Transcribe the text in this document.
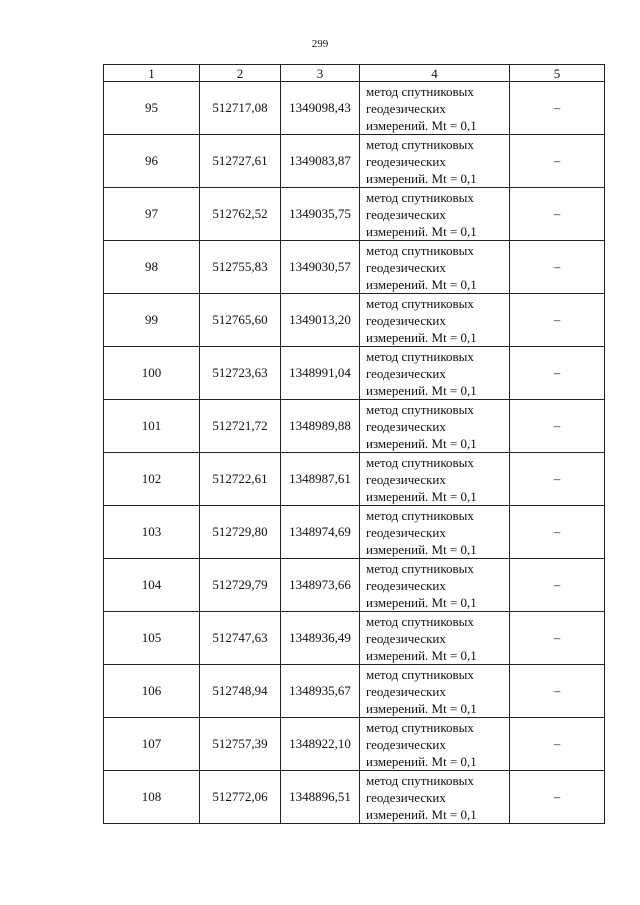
299
1	2	3	4	5
95	512717,08	1349098,43	метод спутниковых
геодезических
измерений. Mt = 0,1	–
96	512727,61	1349083,87	метод спутниковых
геодезических
измерений. Mt = 0,1	–
97	512762,52	1349035,75	метод спутниковых
геодезических
измерений. Mt = 0,1	–
98	512755,83	1349030,57	метод спутниковых
геодезических
измерений. Mt = 0,1	–
99	512765,60	1349013,20	метод спутниковых
геодезических
измерений. Mt = 0,1	–
100	512723,63	1348991,04	метод спутниковых
геодезических
измерений. Mt = 0,1	–
101	512721,72	1348989,88	метод спутниковых
геодезических
измерений. Mt = 0,1	–
102	512722,61	1348987,61	метод спутниковых
геодезических
измерений. Mt = 0,1	–
103	512729,80	1348974,69	метод спутниковых
геодезических
измерений. Mt = 0,1	–
104	512729,79	1348973,66	метод спутниковых
геодезических
измерений. Mt = 0,1	–
105	512747,63	1348936,49	метод спутниковых
геодезических
измерений. Mt = 0,1	–
106	512748,94	1348935,67	метод спутниковых
геодезических
измерений. Mt = 0,1	–
107	512757,39	1348922,10	метод спутниковых
геодезических
измерений. Mt = 0,1	–
108	512772,06	1348896,51	метод спутниковых
геодезических
измерений. Mt = 0,1	–
